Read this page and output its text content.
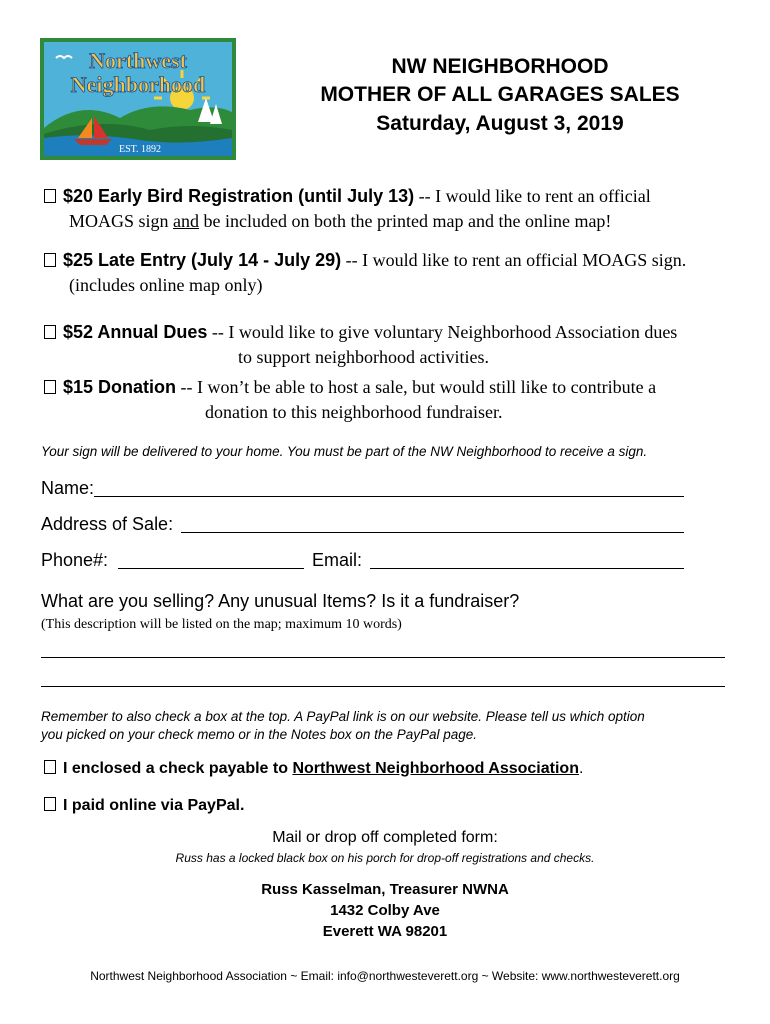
Northwest
Neighborhood
EST. 1892
NW NEIGHBORHOOD
MOTHER OF ALL GARAGES SALES
Saturday, August 3, 2019
$20 Early Bird Registration (until July 13) -- I would like to rent an official
MOAGS sign and be included on both the printed map and the online map!
$25 Late Entry (July 14 - July 29) -- I would like to rent an official MOAGS sign.
(includes online map only)
$52 Annual Dues -- I would like to give voluntary Neighborhood Association dues
to support neighborhood activities.
$15 Donation -- I won’t be able to host a sale, but would still like to contribute a
donation to this neighborhood fundraiser.
Your sign will be delivered to your home. You must be part of the NW Neighborhood to receive a sign.
Name:
Address of Sale:
Phone#:	Email:
What are you selling? Any unusual Items? Is it a fundraiser?
(This description will be listed on the map; maximum 10 words)
Remember to also check a box at the top. A PayPal link is on our website. Please tell us which option
you picked on your check memo or in the Notes box on the PayPal page.
I enclosed a check payable to Northwest Neighborhood Association.
I paid online via PayPal.
Mail or drop off completed form:
Russ has a locked black box on his porch for drop-off registrations and checks.
Russ Kasselman, Treasurer NWNA
1432 Colby Ave
Everett WA 98201
Northwest Neighborhood Association ~ Email: info@northwesteverett.org ~ Website: www.northwesteverett.org
